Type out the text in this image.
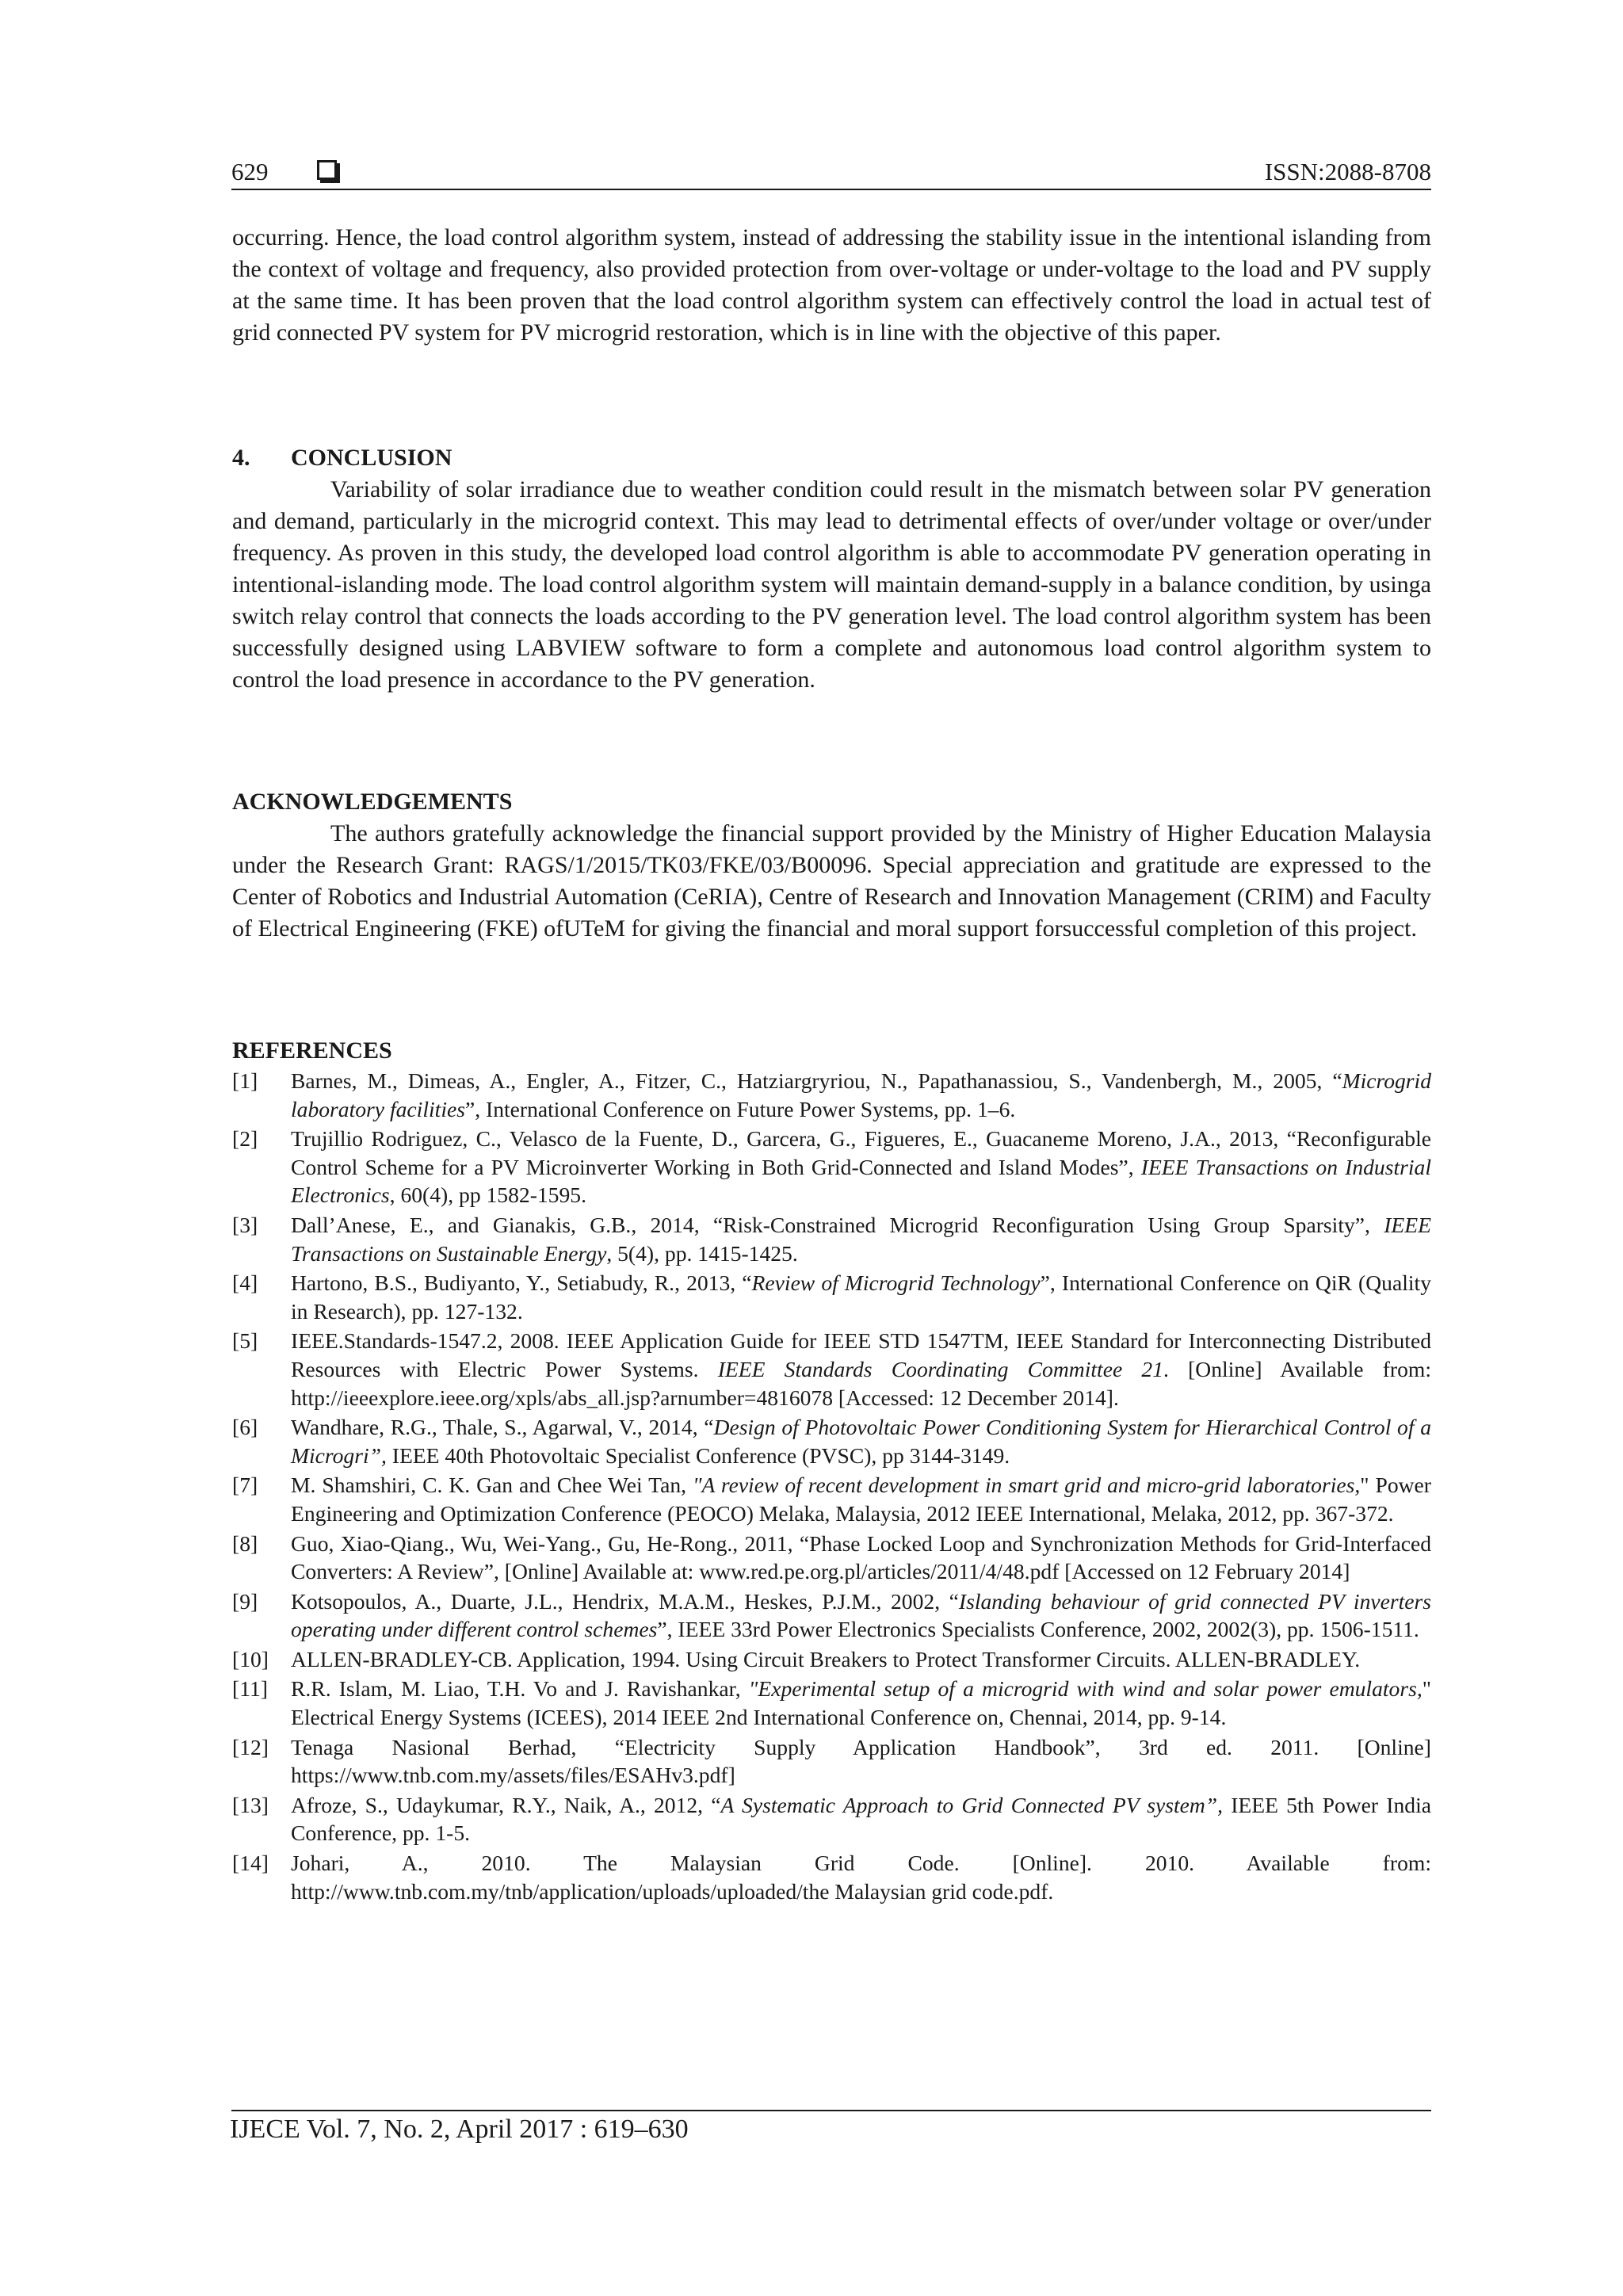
629	ISSN:2088-8708

occurring. Hence, the load control algorithm system, instead of addressing the stability issue in the intentional islanding from the context of voltage and frequency, also provided protection from over-voltage or under-voltage to the load and PV supply at the same time. It has been proven that the load control algorithm system can effectively control the load in actual test of grid connected PV system for PV microgrid restoration, which is in line with the objective of this paper.

4. CONCLUSION

Variability of solar irradiance due to weather condition could result in the mismatch between solar PV generation and demand, particularly in the microgrid context. This may lead to detrimental effects of over/under voltage or over/under frequency. As proven in this study, the developed load control algorithm is able to accommodate PV generation operating in intentional-islanding mode. The load control algorithm system will maintain demand-supply in a balance condition, by usinga switch relay control that connects the loads according to the PV generation level. The load control algorithm system has been successfully designed using LABVIEW software to form a complete and autonomous load control algorithm system to control the load presence in accordance to the PV generation.

ACKNOWLEDGEMENTS

The authors gratefully acknowledge the financial support provided by the Ministry of Higher Education Malaysia under the Research Grant: RAGS/1/2015/TK03/FKE/03/B00096. Special appreciation and gratitude are expressed to the Center of Robotics and Industrial Automation (CeRIA), Centre of Research and Innovation Management (CRIM) and Faculty of Electrical Engineering (FKE) ofUTeM for giving the financial and moral support forsuccessful completion of this project.

REFERENCES

[1] Barnes, M., Dimeas, A., Engler, A., Fitzer, C., Hatziargryriou, N., Papathanassiou, S., Vandenbergh, M., 2005, “Microgrid laboratory facilities”, International Conference on Future Power Systems, pp. 1–6.
[2] Trujillio Rodriguez, C., Velasco de la Fuente, D., Garcera, G., Figueres, E., Guacaneme Moreno, J.A., 2013, “Reconfigurable Control Scheme for a PV Microinverter Working in Both Grid-Connected and Island Modes”, IEEE Transactions on Industrial Electronics, 60(4), pp 1582-1595.
[3] Dall’Anese, E., and Gianakis, G.B., 2014, “Risk-Constrained Microgrid Reconfiguration Using Group Sparsity”, IEEE Transactions on Sustainable Energy, 5(4), pp. 1415-1425.
[4] Hartono, B.S., Budiyanto, Y., Setiabudy, R., 2013, “Review of Microgrid Technology”, International Conference on QiR (Quality in Research), pp. 127-132.
[5] IEEE.Standards-1547.2, 2008. IEEE Application Guide for IEEE STD 1547TM, IEEE Standard for Interconnecting Distributed Resources with Electric Power Systems. IEEE Standards Coordinating Committee 21. [Online] Available from: http://ieeexplore.ieee.org/xpls/abs_all.jsp?arnumber=4816078 [Accessed: 12 December 2014].
[6] Wandhare, R.G., Thale, S., Agarwal, V., 2014, “Design of Photovoltaic Power Conditioning System for Hierarchical Control of a Microgri”, IEEE 40th Photovoltaic Specialist Conference (PVSC), pp 3144-3149.
[7] M. Shamshiri, C. K. Gan and Chee Wei Tan, "A review of recent development in smart grid and micro-grid laboratories," Power Engineering and Optimization Conference (PEOCO) Melaka, Malaysia, 2012 IEEE International, Melaka, 2012, pp. 367-372.
[8] Guo, Xiao-Qiang., Wu, Wei-Yang., Gu, He-Rong., 2011, “Phase Locked Loop and Synchronization Methods for Grid-Interfaced Converters: A Review”, [Online] Available at: www.red.pe.org.pl/articles/2011/4/48.pdf [Accessed on 12 February 2014]
[9] Kotsopoulos, A., Duarte, J.L., Hendrix, M.A.M., Heskes, P.J.M., 2002, “Islanding behaviour of grid connected PV inverters operating under different control schemes”, IEEE 33rd Power Electronics Specialists Conference, 2002, 2002(3), pp. 1506-1511.
[10] ALLEN-BRADLEY-CB. Application, 1994. Using Circuit Breakers to Protect Transformer Circuits. ALLEN-BRADLEY.
[11] R.R. Islam, M. Liao, T.H. Vo and J. Ravishankar, "Experimental setup of a microgrid with wind and solar power emulators," Electrical Energy Systems (ICEES), 2014 IEEE 2nd International Conference on, Chennai, 2014, pp. 9-14.
[12] Tenaga Nasional Berhad, “Electricity Supply Application Handbook”, 3rd ed. 2011. [Online] https://www.tnb.com.my/assets/files/ESAHv3.pdf]
[13] Afroze, S., Udaykumar, R.Y., Naik, A., 2012, “A Systematic Approach to Grid Connected PV system”, IEEE 5th Power India Conference, pp. 1-5.
[14] Johari, A., 2010. The Malaysian Grid Code. [Online]. 2010. Available from: http://www.tnb.com.my/tnb/application/uploads/uploaded/the Malaysian grid code.pdf.
IJECE Vol. 7, No. 2, April 2017 : 619–630
